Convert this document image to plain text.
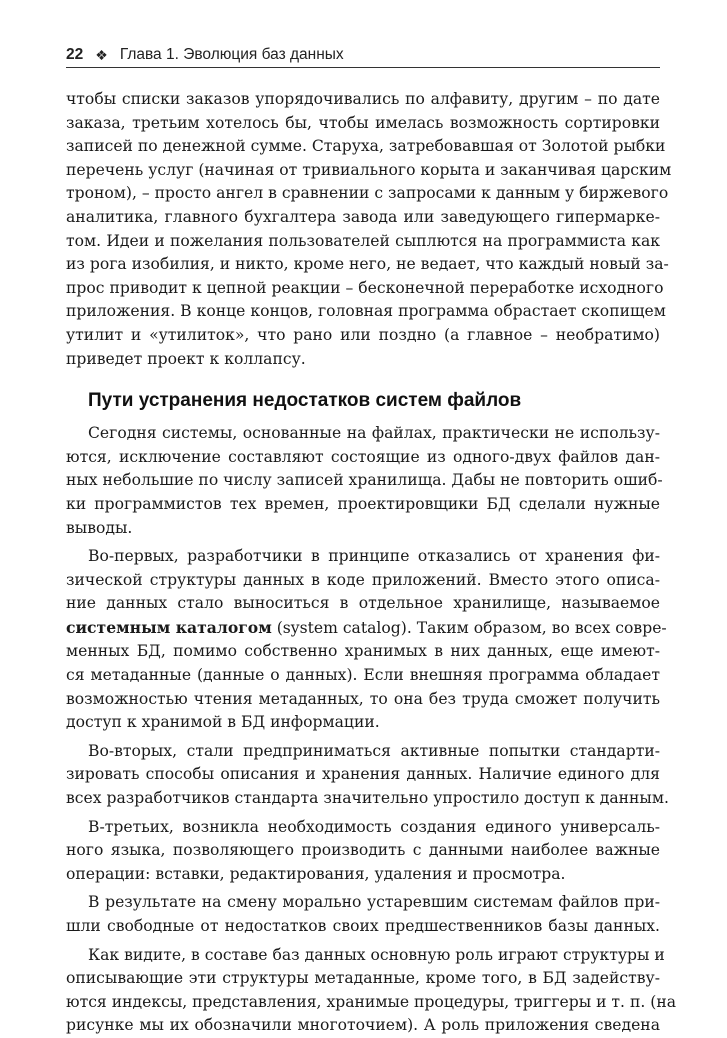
22 ❖ Глава 1. Эволюция баз данных

чтобы списки заказов упорядочивались по алфавиту, другим – по дате
заказа, третьим хотелось бы, чтобы имелась возможность сортировки
записей по денежной сумме. Старуха, затребовавшая от Золотой рыбки
перечень услуг (начиная от тривиального корыта и заканчивая царским
троном), – просто ангел в сравнении с запросами к данным у биржевого
аналитика, главного бухгалтера завода или заведующего гипермаркe-
том. Идеи и пожелания пользователей сыплются на программиста как
из рога изобилия, и никто, кроме него, не ведает, что каждый новый за-
прос приводит к цепной реакции – бесконечной переработке исходного
приложения. В конце концов, головная программа обрастает скопищем
утилит и «утилиток», что рано или поздно (а главное – необратимо)
приведет проект к коллапсу.

Пути устранения недостатков систем файлов

Сегодня системы, основанные на файлах, практически не использу-
ются, исключение составляют состоящие из одного-двух файлов дан-
ных небольшие по числу записей хранилища. Дабы не повторить ошиб-
ки программистов тех времен, проектировщики БД сделали нужные
выводы.

Во-первых, разработчики в принципе отказались от хранения фи-
зической структуры данных в коде приложений. Вместо этого описа-
ние данных стало выноситься в отдельное хранилище, называемое
системным каталогом (system catalog). Таким образом, во всех совре-
менных БД, помимо собственно хранимых в них данных, еще имеют-
ся метаданные (данные о данных). Если внешняя программа обладает
возможностью чтения метаданных, то она без труда сможет получить
доступ к хранимой в БД информации.

Во-вторых, стали предприниматься активные попытки стандарти-
зировать способы описания и хранения данных. Наличие единого для
всех разработчиков стандарта значительно упростило доступ к данным.

В-третьих, возникла необходимость создания единого универсаль-
ного языка, позволяющего производить с данными наиболее важные
операции: вставки, редактирования, удаления и просмотра.

В результате на смену морально устаревшим системам файлов при-
шли свободные от недостатков своих предшественников базы данных.

Как видите, в составе баз данных основную роль играют структуры и
описывающие эти структуры метаданные, кроме того, в БД задейству-
ются индексы, представления, хранимые процедуры, триггеры и т. п. (на
рисунке мы их обозначили многоточием). А роль приложения сведена
